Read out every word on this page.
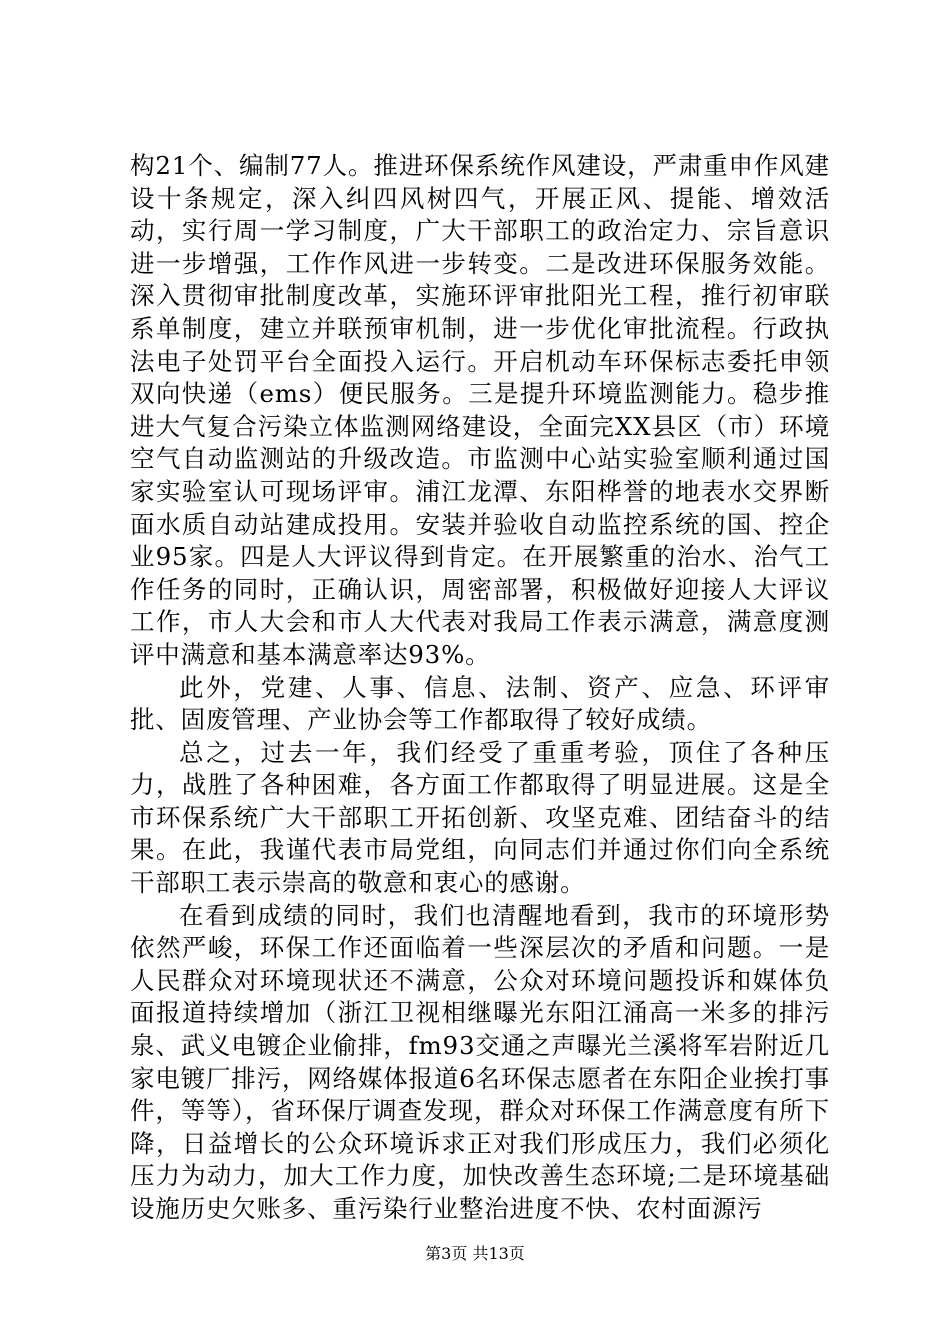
构21个、编制77人。推进环保系统作风建设，严肃重申作风建设十条规定，深入纠四风树四气，开展正风、提能、增效活动，实行周一学习制度，广大干部职工的政治定力、宗旨意识进一步增强，工作作风进一步转变。二是改进环保服务效能。深入贯彻审批制度改革，实施环评审批阳光工程，推行初审联系单制度，建立并联预审机制，进一步优化审批流程。行政执法电子处罚平台全面投入运行。开启机动车环保标志委托申领双向快递（ems）便民服务。三是提升环境监测能力。稳步推进大气复合污染立体监测网络建设，全面完XX县区（市）环境空气自动监测站的升级改造。市监测中心站实验室顺利通过国家实验室认可现场评审。浦江龙潭、东阳桦誉的地表水交界断面水质自动站建成投用。安装并验收自动监控系统的国、控企业95家。四是人大评议得到肯定。在开展繁重的治水、治气工作任务的同时，正确认识，周密部署，积极做好迎接人大评议工作，市人大会和市人大代表对我局工作表示满意，满意度测评中满意和基本满意率达93%。

此外，党建、人事、信息、法制、资产、应急、环评审批、固废管理、产业协会等工作都取得了较好成绩。

总之，过去一年，我们经受了重重考验，顶住了各种压力，战胜了各种困难，各方面工作都取得了明显进展。这是全市环保系统广大干部职工开拓创新、攻坚克难、团结奋斗的结果。在此，我谨代表市局党组，向同志们并通过你们向全系统干部职工表示崇高的敬意和衷心的感谢。

在看到成绩的同时，我们也清醒地看到，我市的环境形势依然严峻，环保工作还面临着一些深层次的矛盾和问题。一是人民群众对环境现状还不满意，公众对环境问题投诉和媒体负面报道持续增加（浙江卫视相继曝光东阳江涌高一米多的排污泉、武义电镀企业偷排，fm93交通之声曝光兰溪将军岩附近几家电镀厂排污，网络媒体报道6名环保志愿者在东阳企业挨打事件，等等），省环保厅调查发现，群众对环保工作满意度有所下降，日益增长的公众环境诉求正对我们形成压力，我们必须化压力为动力，加大工作力度，加快改善生态环境;二是环境基础设施历史欠账多、重污染行业整治进度不快、农村面源污

第3页 共13页
